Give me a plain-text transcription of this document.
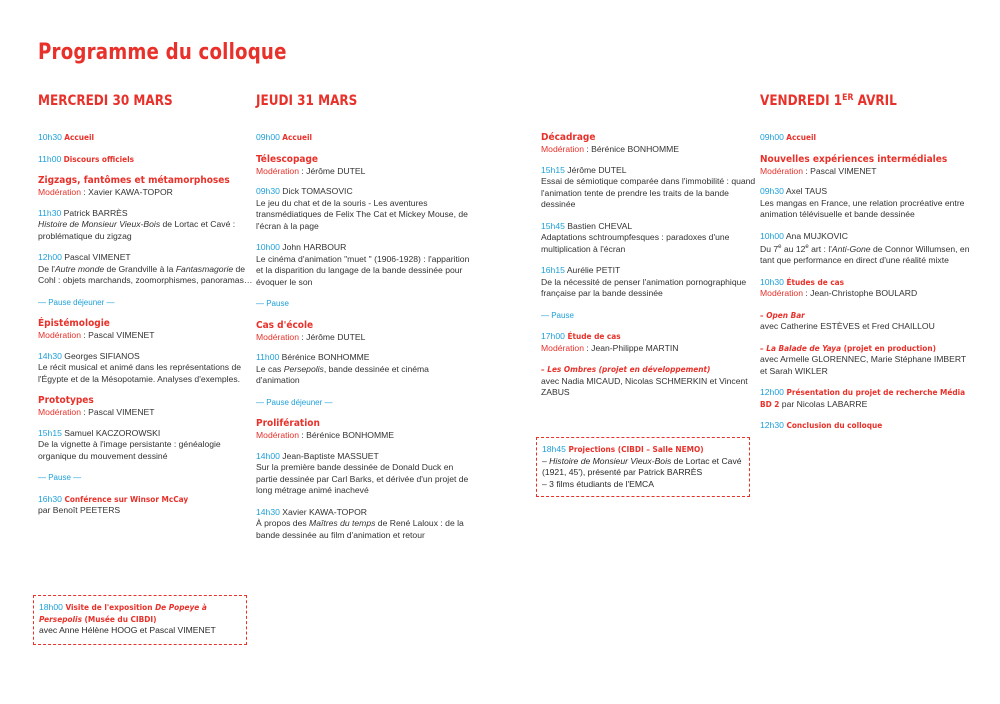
Programme du colloque
MERCREDI 30 MARS	JEUDI 31 MARS	VENDREDI 1ER AVRIL
10h30 Accueil
11h00 Discours officiels
Zigzags, fantômes et métamorphoses
Modération : Xavier KAWA-TOPOR
11h30 Patrick BARRÈS
Histoire de Monsieur Vieux-Bois de Lortac et Cavé : problématique du zigzag
12h00 Pascal VIMENET
De l'Autre monde de Grandville à la Fantasmagorie de Cohl : objets marchands, zoomorphismes, panoramas…
— Pause déjeuner —
Épistémologie
Modération : Pascal VIMENET
14h30 Georges SIFIANOS
Le récit musical et animé dans les représentations de l'Égypte et de la Mésopotamie. Analyses d'exemples.
Prototypes
Modération : Pascal VIMENET
15h15 Samuel KACZOROWSKI
De la vignette à l'image persistante : généalogie organique du mouvement dessiné
— Pause —
16h30 Conférence sur Winsor McCay
par Benoît PEETERS
18h00 Visite de l'exposition De Popeye à Persepolis (Musée du CIBDI)
avec Anne Hélène HOOG et Pascal VIMENET
09h00 Accueil
Télescopage
Modération : Jérôme DUTEL
09h30 Dick TOMASOVIC
Le jeu du chat et de la souris - Les aventures transmédiatiques de Felix The Cat et Mickey Mouse, de l'écran à la page
10h00 John HARBOUR
Le cinéma d'animation "muet " (1906-1928) : l'apparition et la disparition du langage de la bande dessinée pour évoquer le son
— Pause
Cas d'école
Modération : Jérôme DUTEL
11h00 Bérénice BONHOMME
Le cas Persepolis, bande dessinée et cinéma d'animation
— Pause déjeuner —
Prolifération
Modération : Bérénice BONHOMME
14h00 Jean-Baptiste MASSUET
Sur la première bande dessinée de Donald Duck en partie dessinée par Carl Barks, et dérivée d'un projet de long métrage animé inachevé
14h30 Xavier KAWA-TOPOR
À propos des Maîtres du temps de René Laloux : de la bande dessinée au film d'animation et retour
Décadrage
Modération : Bérénice BONHOMME
15h15 Jérôme DUTEL
Essai de sémiotique comparée dans l'immobilité : quand l'animation tente de prendre les traits de la bande dessinée
15h45 Bastien CHEVAL
Adaptations schtroumpfesques : paradoxes d'une multiplication à l'écran
16h15 Aurélie PETIT
De la nécessité de penser l'animation pornographique française par la bande dessinée
— Pause
17h00 Étude de cas
Modération : Jean-Philippe MARTIN
– Les Ombres (projet en développement)
avec Nadia MICAUD, Nicolas SCHMERKIN et Vincent ZABUS
18h45 Projections (CIBDI – Salle NEMO)
– Histoire de Monsieur Vieux-Bois de Lortac et Cavé (1921, 45'), présenté par Patrick BARRÈS
– 3 films étudiants de l'EMCA
09h00 Accueil
Nouvelles expériences intermédiales
Modération : Pascal VIMENET
09h30 Axel TAUS
Les mangas en France, une relation procréative entre animation télévisuelle et bande dessinée
10h00 Ana MUJKOVIC
Du 7e au 12e art : l'Anti-Gone de Connor Willumsen, en tant que performance en direct d'une réalité mixte
10h30 Études de cas
Modération : Jean-Christophe BOULARD
– Open Bar
avec Catherine ESTÈVES et Fred CHAILLOU
– La Balade de Yaya (projet en production)
avec Armelle GLORENNEC, Marie Stéphane IMBERT et Sarah WIKLER
12h00 Présentation du projet de recherche Média BD 2 par Nicolas LABARRE
12h30 Conclusion du colloque
